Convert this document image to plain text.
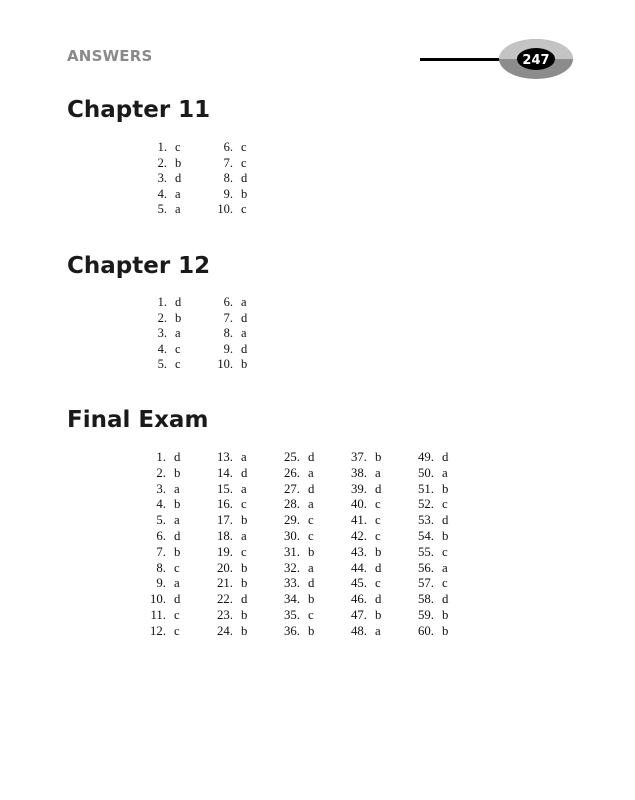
ANSWERS	247
Chapter 11
1. c	6. c
2. b	7. c
3. d	8. d
4. a	9. b
5. a	10. c
Chapter 12
1. d	6. a
2. b	7. d
3. a	8. a
4. c	9. d
5. c	10. b
Final Exam
1. d	13. a	25. d	37. b	49. d
2. b	14. d	26. a	38. a	50. a
3. a	15. a	27. d	39. d	51. b
4. b	16. c	28. a	40. c	52. c
5. a	17. b	29. c	41. c	53. d
6. d	18. a	30. c	42. c	54. b
7. b	19. c	31. b	43. b	55. c
8. c	20. b	32. a	44. d	56. a
9. a	21. b	33. d	45. c	57. c
10. d	22. d	34. b	46. d	58. d
11. c	23. b	35. c	47. b	59. b
12. c	24. b	36. b	48. a	60. b
